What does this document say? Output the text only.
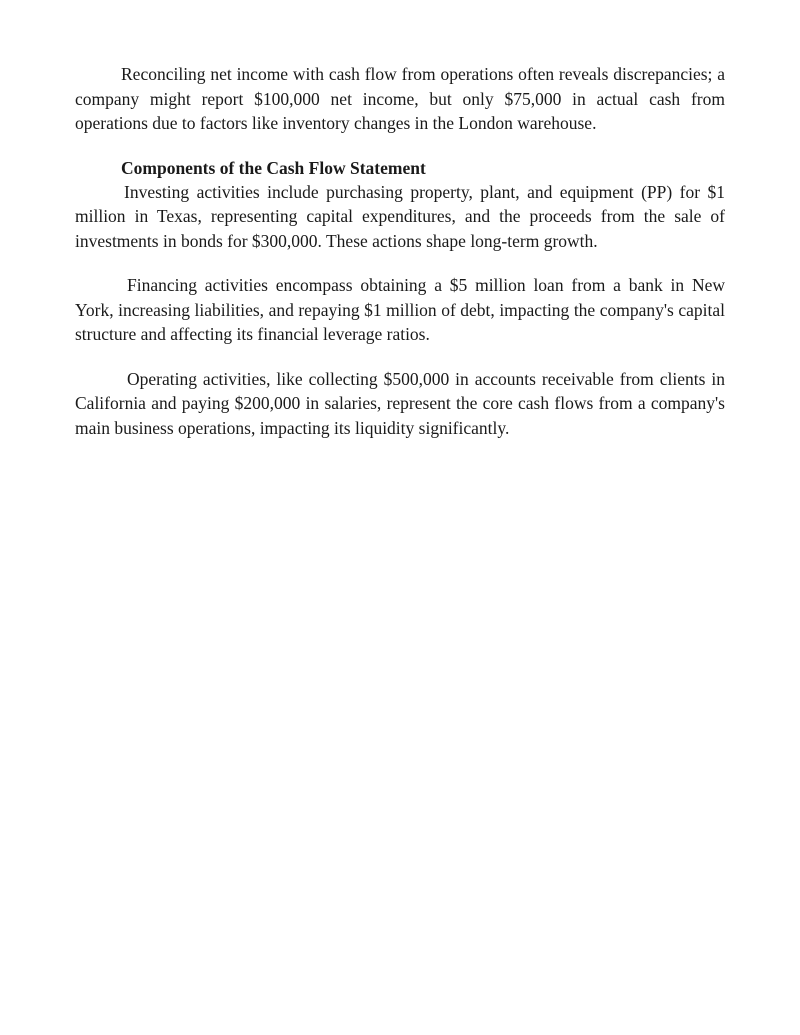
Reconciling net income with cash flow from operations often reveals discrepancies; a company might report $100,000 net income, but only $75,000 in actual cash from operations due to factors like inventory changes in the London warehouse.

Components of the Cash Flow Statement

Investing activities include purchasing property, plant, and equipment (PP) for $1 million in Texas, representing capital expenditures, and the proceeds from the sale of investments in bonds for $300,000. These actions shape long-term growth.

Financing activities encompass obtaining a $5 million loan from a bank in New York, increasing liabilities, and repaying $1 million of debt, impacting the company's capital structure and affecting its financial leverage ratios.

Operating activities, like collecting $500,000 in accounts receivable from clients in California and paying $200,000 in salaries, represent the core cash flows from a company's main business operations, impacting its liquidity significantly.
